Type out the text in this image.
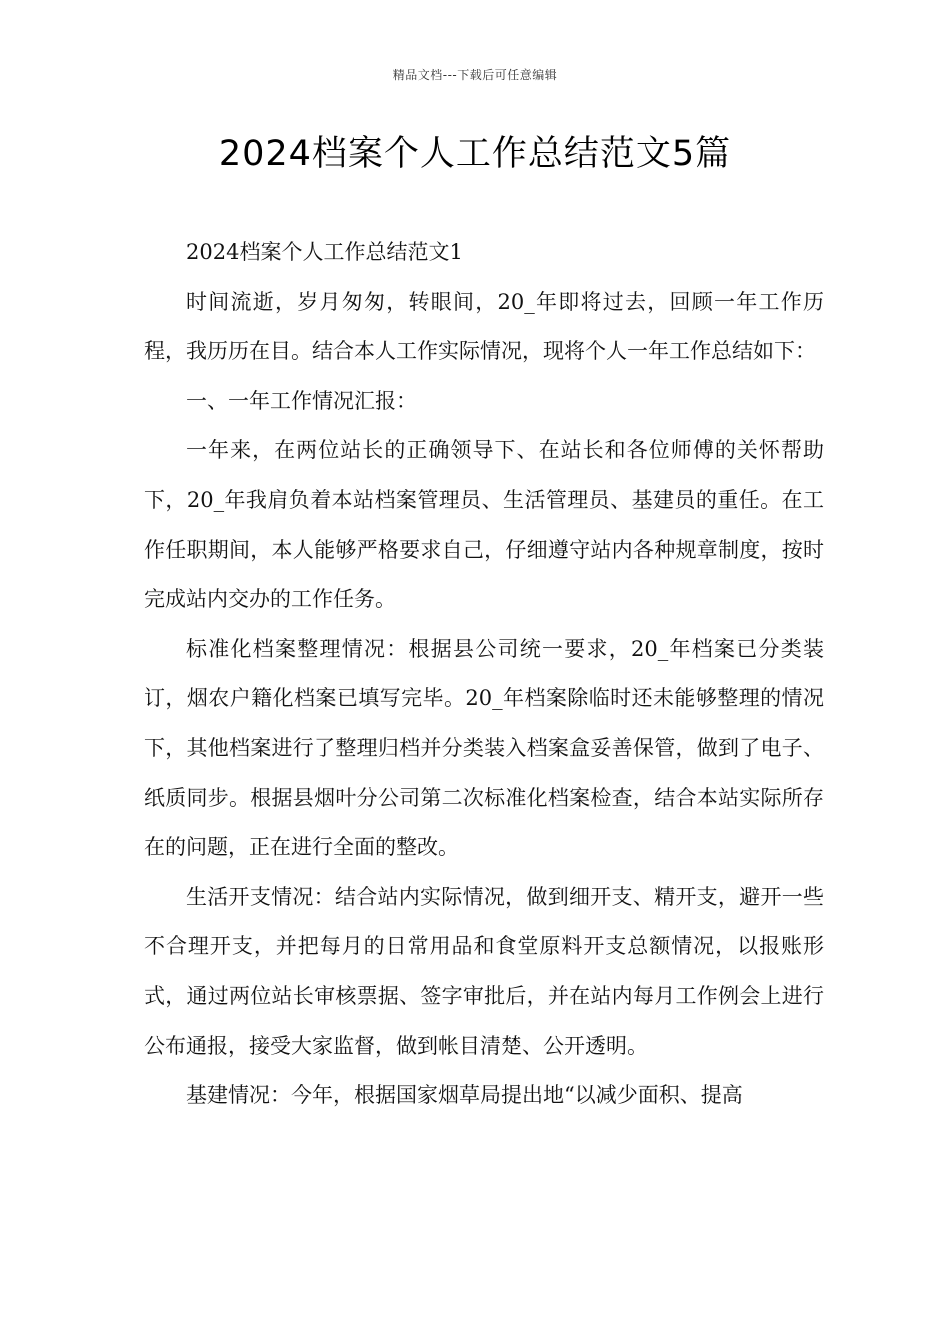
精品文档---下载后可任意编辑
2024档案个人工作总结范文5篇

2024档案个人工作总结范文1

时间流逝，岁月匆匆，转眼间，20_年即将过去，回顾一年工作历程，我历历在目。结合本人工作实际情况，现将个人一年工作总结如下：

一、一年工作情况汇报：

一年来，在两位站长的正确领导下、在站长和各位师傅的关怀帮助下，20_年我肩负着本站档案管理员、生活管理员、基建员的重任。在工作任职期间，本人能够严格要求自己，仔细遵守站内各种规章制度，按时完成站内交办的工作任务。

标准化档案整理情况：根据县公司统一要求，20_年档案已分类装订，烟农户籍化档案已填写完毕。20_年档案除临时还未能够整理的情况下，其他档案进行了整理归档并分类装入档案盒妥善保管，做到了电子、纸质同步。根据县烟叶分公司第二次标准化档案检查，结合本站实际所存在的问题，正在进行全面的整改。

生活开支情况：结合站内实际情况，做到细开支、精开支，避开一些不合理开支，并把每月的日常用品和食堂原料开支总额情况，以报账形式，通过两位站长审核票据、签字审批后，并在站内每月工作例会上进行公布通报，接受大家监督，做到帐目清楚、公开透明。

基建情况：今年，根据国家烟草局提出地“以减少面积、提高
